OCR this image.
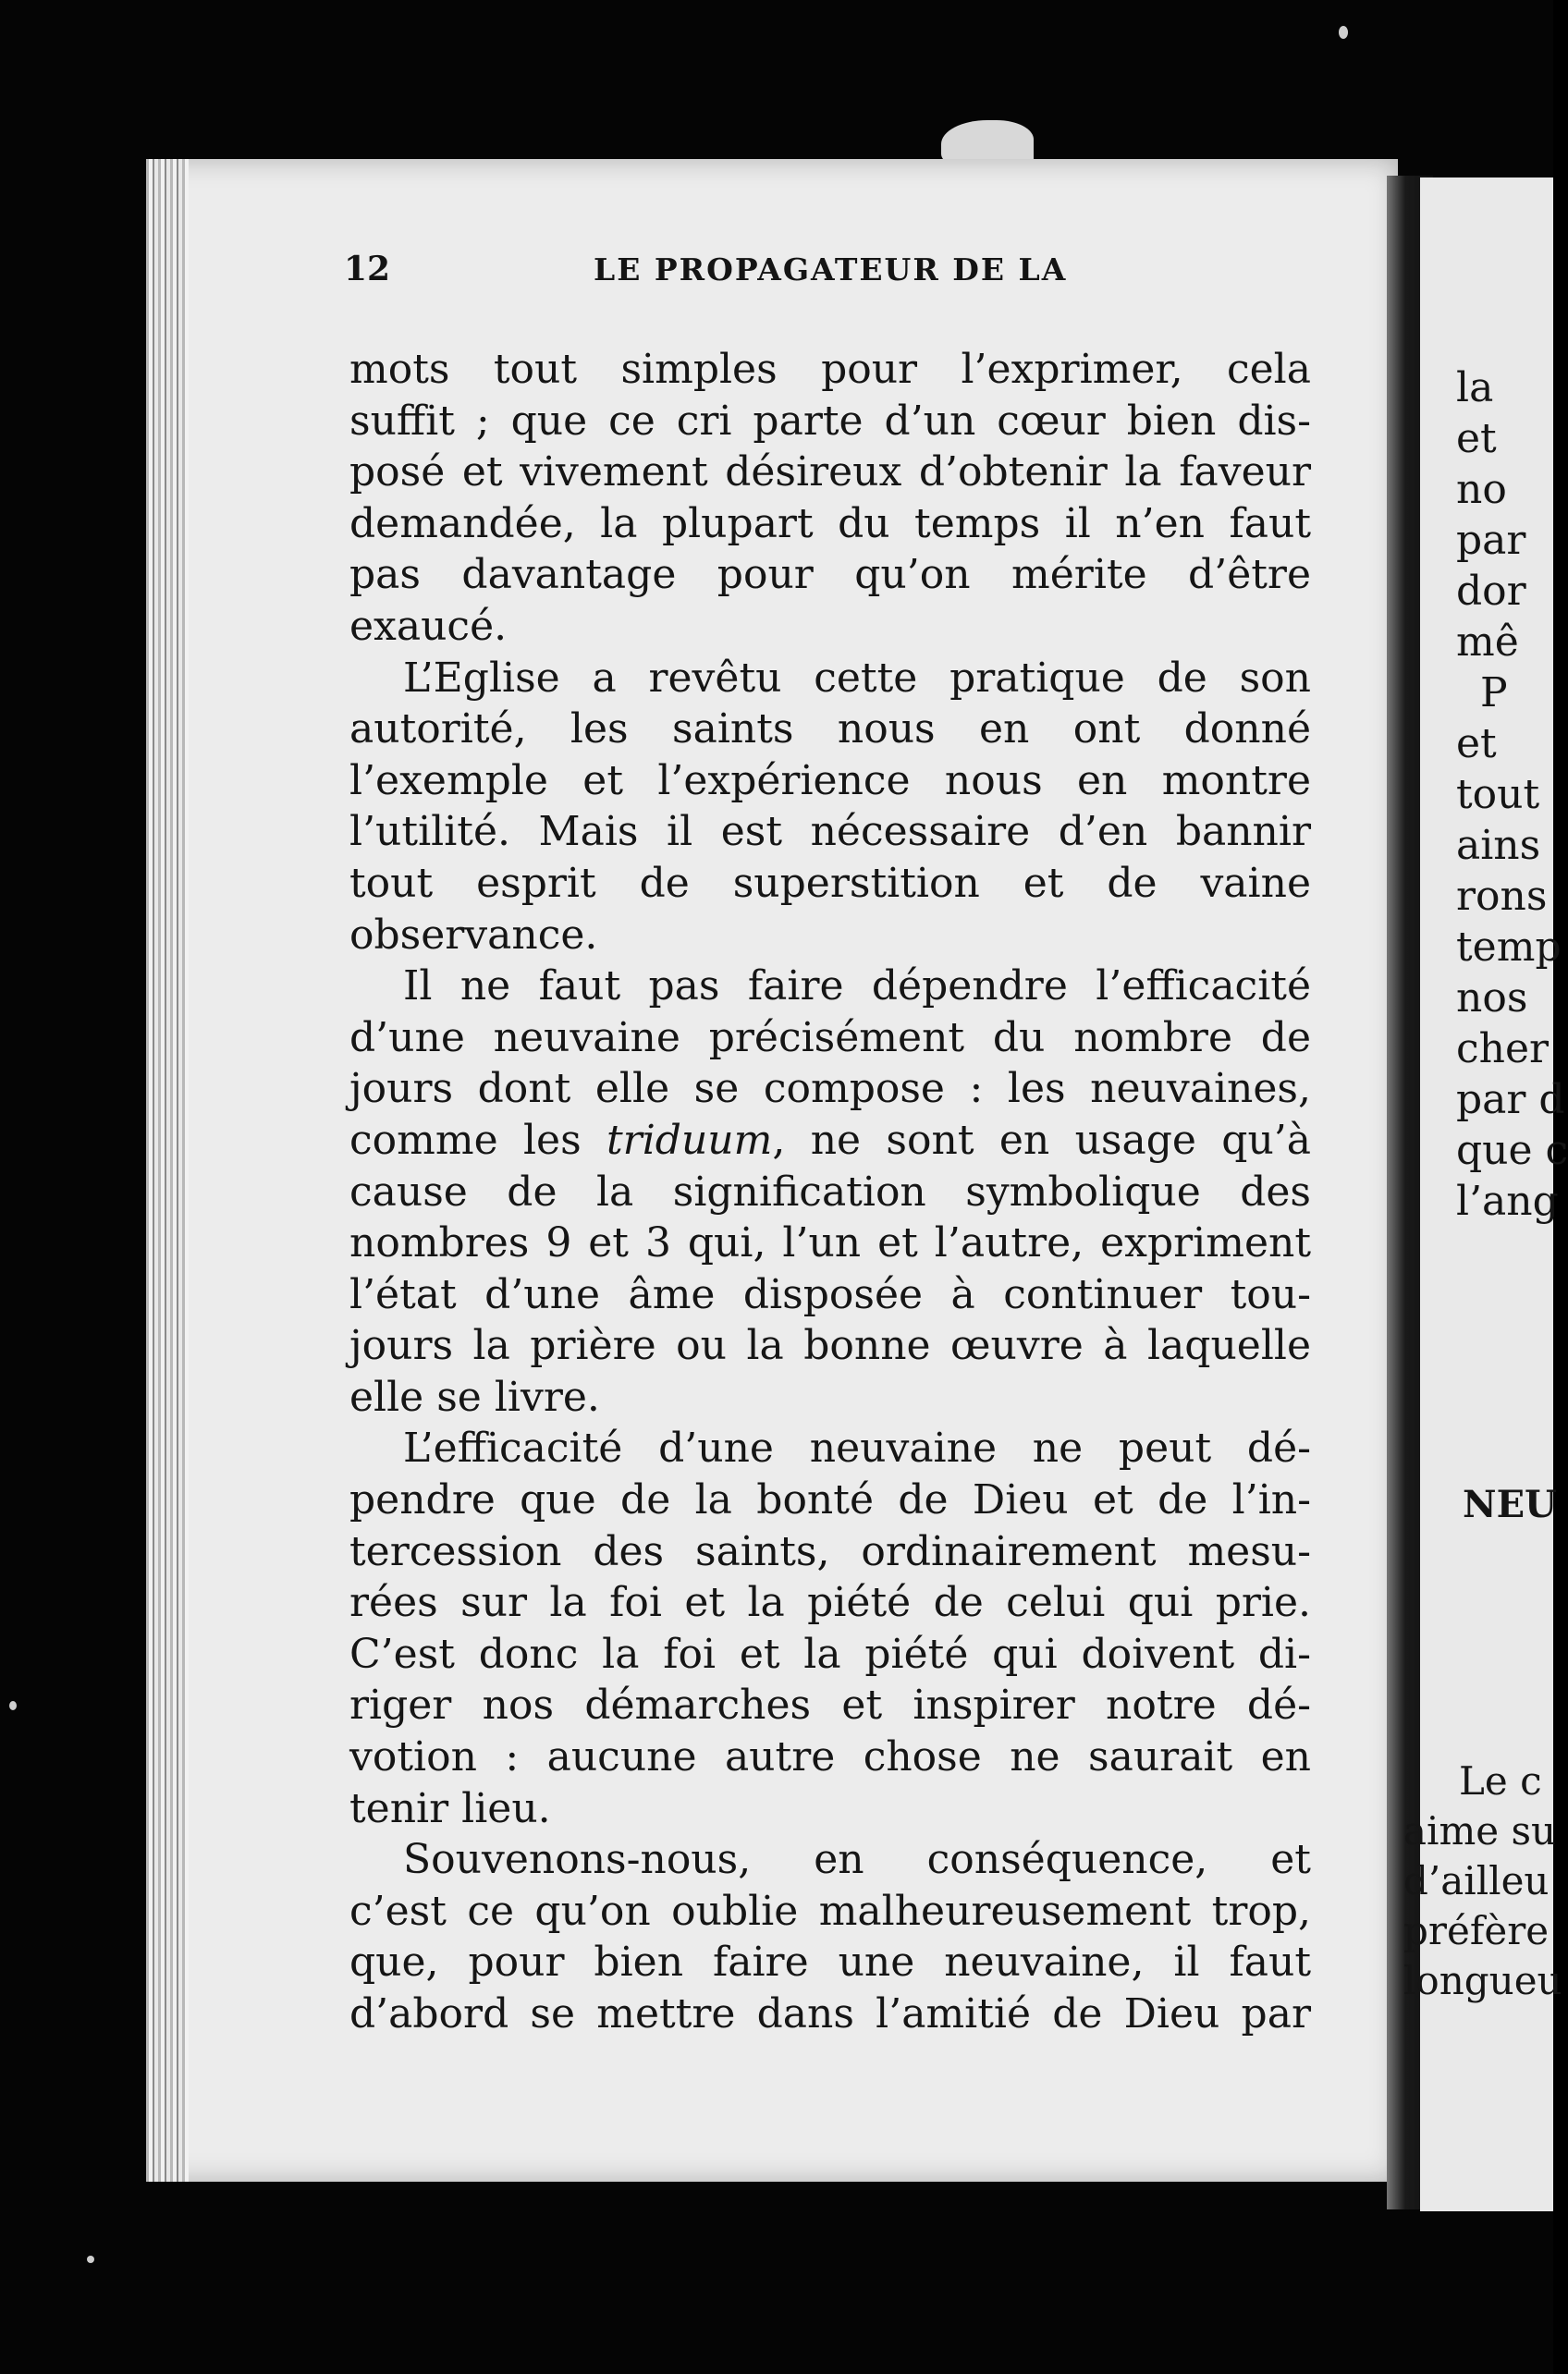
12	LE PROPAGATEUR DE LA
mots tout simples pour l’exprimer, cela
suffit ; que ce cri parte d’un cœur bien dis-
posé et vivement désireux d’obtenir la faveur
demandée, la plupart du temps il n’en faut
pas davantage pour qu’on mérite d’être
exaucé.
L’Eglise a revêtu cette pratique de son
autorité, les saints nous en ont donné
l’exemple et l’expérience nous en montre
l’utilité. Mais il est nécessaire d’en bannir
tout esprit de superstition et de vaine
observance.
Il ne faut pas faire dépendre l’efficacité
d’une neuvaine précisément du nombre de
jours dont elle se compose : les neuvaines,
comme les triduum, ne sont en usage qu’à
cause de la signification symbolique des
nombres 9 et 3 qui, l’un et l’autre, expriment
l’état d’une âme disposée à continuer tou-
jours la prière ou la bonne œuvre à laquelle
elle se livre.
L’efficacité d’une neuvaine ne peut dé-
pendre que de la bonté de Dieu et de l’in-
tercession des saints, ordinairement mesu-
rées sur la foi et la piété de celui qui prie.
C’est donc la foi et la piété qui doivent di-
riger nos démarches et inspirer notre dé-
votion : aucune autre chose ne saurait en
tenir lieu.
Souvenons-nous, en conséquence, et
c’est ce qu’on oublie malheureusement trop,
que, pour bien faire une neuvaine, il faut
d’abord se mettre dans l’amitié de Dieu par
la
et
no
par
dor
mê
P
et
tout
ains
rons
temp
nos
cher
par d
que c
l’ang
NEU
Le c
aime su
d’ailleu
préfère
longueu
